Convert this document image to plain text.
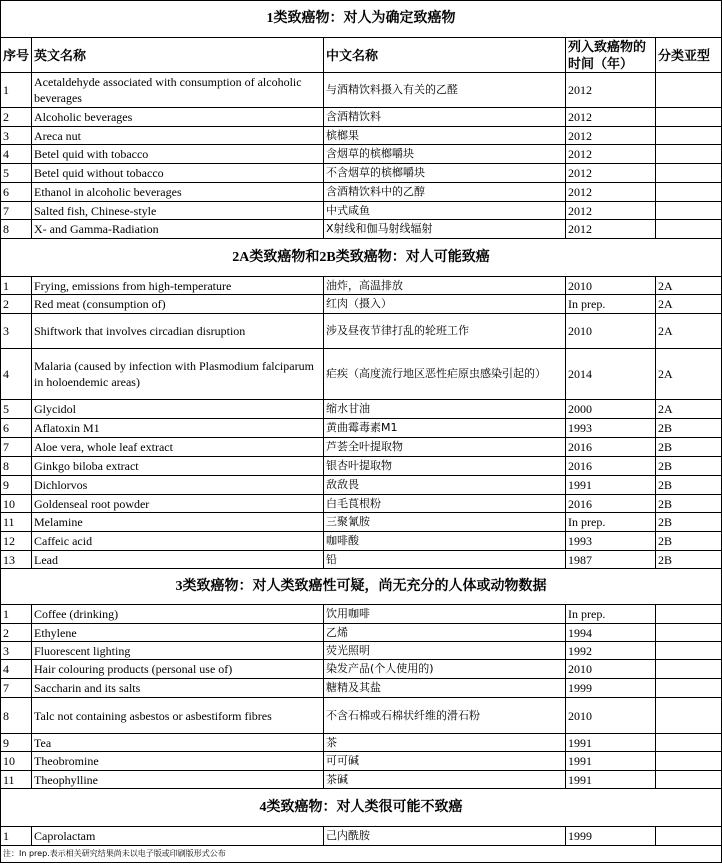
1类致癌物：对人为确定致癌物				
序号	英文名称	中文名称	列入致癌物的时间（年）	分类亚型
1	Acetaldehyde associated with consumption of alcoholic beverages	与酒精饮料摄入有关的乙醛	2012	
2	Alcoholic beverages	含酒精饮料	2012	
3	Areca nut	槟榔果	2012	
4	Betel quid with tobacco	含烟草的槟榔嚼块	2012	
5	Betel quid without tobacco	不含烟草的槟榔嚼块	2012	
6	Ethanol in alcoholic beverages	含酒精饮料中的乙醇	2012	
7	Salted fish, Chinese-style	中式咸鱼	2012	
8	X- and Gamma-Radiation	X射线和伽马射线辐射	2012	
2A类致癌物和2B类致癌物：对人可能致癌				
1	Frying, emissions from high-temperature	油炸，高温排放	2010	2A
2	Red meat (consumption of)	红肉（摄入）	In prep.	2A
3	Shiftwork that involves circadian disruption	涉及昼夜节律打乱的轮班工作	2010	2A
4	Malaria (caused by infection with Plasmodium falciparum in holoendemic areas)	疟疾（高度流行地区恶性疟原虫感染引起的）	2014	2A
5	Glycidol	缩水甘油	2000	2A
6	Aflatoxin M1	黄曲霉毒素M1	1993	2B
7	Aloe vera, whole leaf extract	芦荟全叶提取物	2016	2B
8	Ginkgo biloba extract	银杏叶提取物	2016	2B
9	Dichlorvos	敌敌畏	1991	2B
10	Goldenseal root powder	白毛茛根粉	2016	2B
11	Melamine	三聚氰胺	In prep.	2B
12	Caffeic acid	咖啡酸	1993	2B
13	Lead	铅	1987	2B
3类致癌物：对人类致癌性可疑，尚无充分的人体或动物数据				
1	Coffee (drinking)	饮用咖啡	In prep.	
2	Ethylene	乙烯	1994	
3	Fluorescent lighting	荧光照明	1992	
4	Hair colouring products (personal use of)	染发产品(个人使用的)	2010	
7	Saccharin and its salts	糖精及其盐	1999	
8	Talc not containing asbestos or asbestiform fibres	不含石棉或石棉状纤维的滑石粉	2010	
9	Tea	茶	1991	
10	Theobromine	可可碱	1991	
11	Theophylline	茶碱	1991	
4类致癌物：对人类很可能不致癌				
1	Caprolactam	己内酰胺	1999	
注：In prep.表示相关研究结果尚未以电子版或印刷版形式公布				
